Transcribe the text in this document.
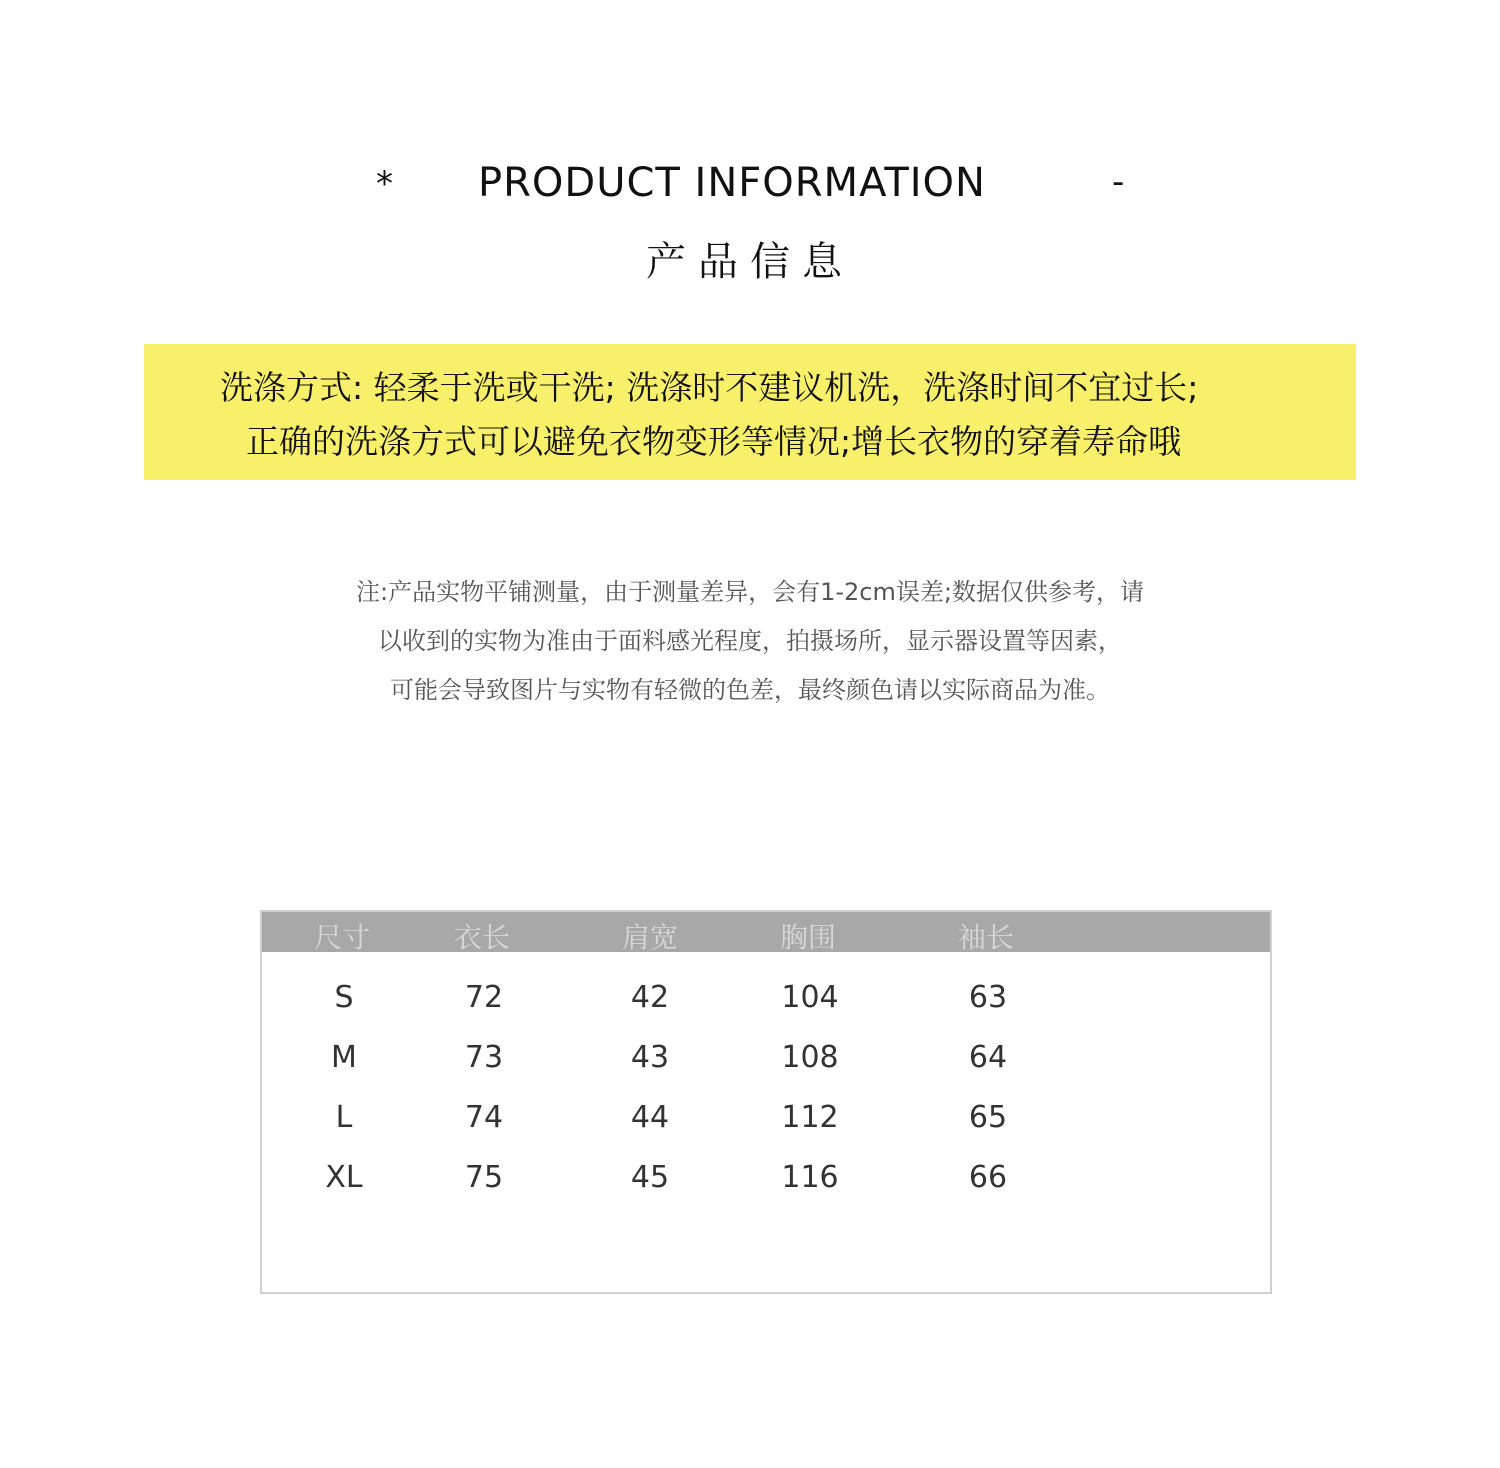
* PRODUCT INFORMATION	-
产品信息
洗涤方式: 轻柔于洗或干洗; 洗涤时不建议机洗，洗涤时间不宜过长;
正确的洗涤方式可以避免衣物变形等情况;增长衣物的穿着寿命哦
注:产品实物平铺测量，由于测量差异，会有1-2cm误差;数据仅供参考，请
以收到的实物为准由于面料感光程度，拍摄场所，显示器设置等因素，
可能会导致图片与实物有轻微的色差，最终颜色请以实际商品为准。
尺寸	衣长	肩宽	胸围	袖长
S	72	42	104	63
M	73	43	108	64
L	74	44	112	65
XL	75	45	116	66
